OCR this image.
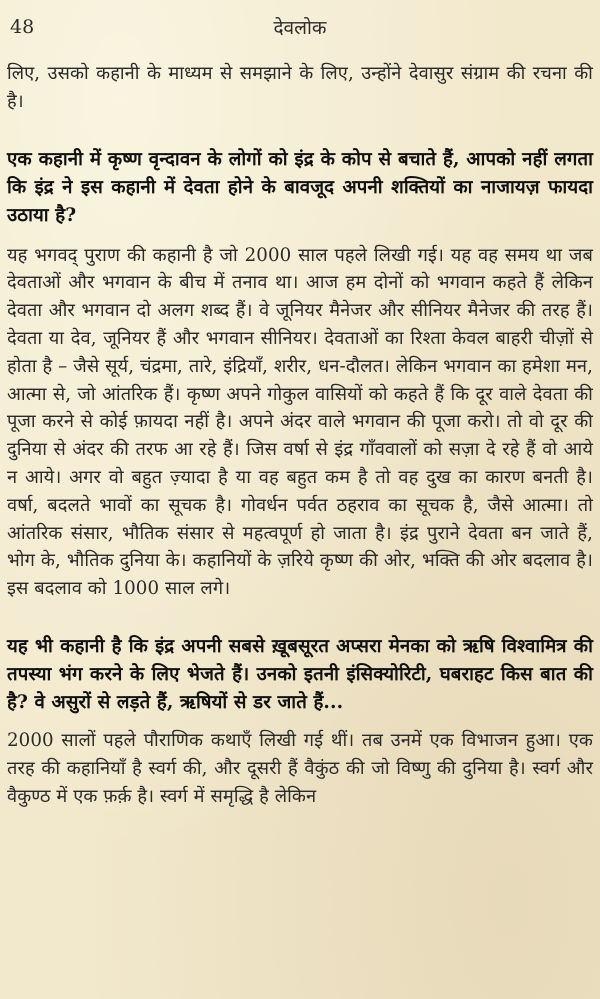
48	देवलोक

लिए, उसको कहानी के माध्यम से समझाने के लिए, उन्होंने देवासुर संग्राम की रचना की है।

एक कहानी में कृष्ण वृन्दावन के लोगों को इंद्र के कोप से बचाते हैं, आपको नहीं लगता कि इंद्र ने इस कहानी में देवता होने के बावजूद अपनी शक्तियों का नाजायज़ फायदा उठाया है?

यह भगवद् पुराण की कहानी है जो 2000 साल पहले लिखी गई। यह वह समय था जब देवताओं और भगवान के बीच में तनाव था। आज हम दोनों को भगवान कहते हैं लेकिन देवता और भगवान दो अलग शब्द हैं। वे जूनियर मैनेजर और सीनियर मैनेजर की तरह हैं। देवता या देव, जूनियर हैं और भगवान सीनियर। देवताओं का रिश्ता केवल बाहरी चीज़ों से होता है – जैसे सूर्य, चंद्रमा, तारे, इंद्रियाँ, शरीर, धन-दौलत। लेकिन भगवान का हमेशा मन, आत्मा से, जो आंतरिक हैं। कृष्ण अपने गोकुल वासियों को कहते हैं कि दूर वाले देवता की पूजा करने से कोई फ़ायदा नहीं है। अपने अंदर वाले भगवान की पूजा करो। तो वो दूर की दुनिया से अंदर की तरफ आ रहे हैं। जिस वर्षा से इंद्र गाँववालों को सज़ा दे रहे हैं वो आये न आये। अगर वो बहुत ज़्यादा है या वह बहुत कम है तो वह दुख का कारण बनती है। वर्षा, बदलते भावों का सूचक है। गोवर्धन पर्वत ठहराव का सूचक है, जैसे आत्मा। तो आंतरिक संसार, भौतिक संसार से महत्वपूर्ण हो जाता है। इंद्र पुराने देवता बन जाते हैं, भोग के, भौतिक दुनिया के। कहानियों के ज़रिये कृष्ण की ओर, भक्ति की ओर बदलाव है। इस बदलाव को 1000 साल लगे।

यह भी कहानी है कि इंद्र अपनी सबसे ख़ूबसूरत अप्सरा मेनका को ऋषि विश्वामित्र की तपस्या भंग करने के लिए भेजते हैं। उनको इतनी इंसिक्योरिटी, घबराहट किस बात की है? वे असुरों से लड़ते हैं, ऋषियों से डर जाते हैं...

2000 सालों पहले पौराणिक कथाएँ लिखी गई थीं। तब उनमें एक विभाजन हुआ। एक तरह की कहानियाँ है स्वर्ग की, और दूसरी हैं वैकुंठ की जो विष्णु की दुनिया है। स्वर्ग और वैकुण्ठ में एक फ़र्क़ है। स्वर्ग में समृद्धि है लेकिन
